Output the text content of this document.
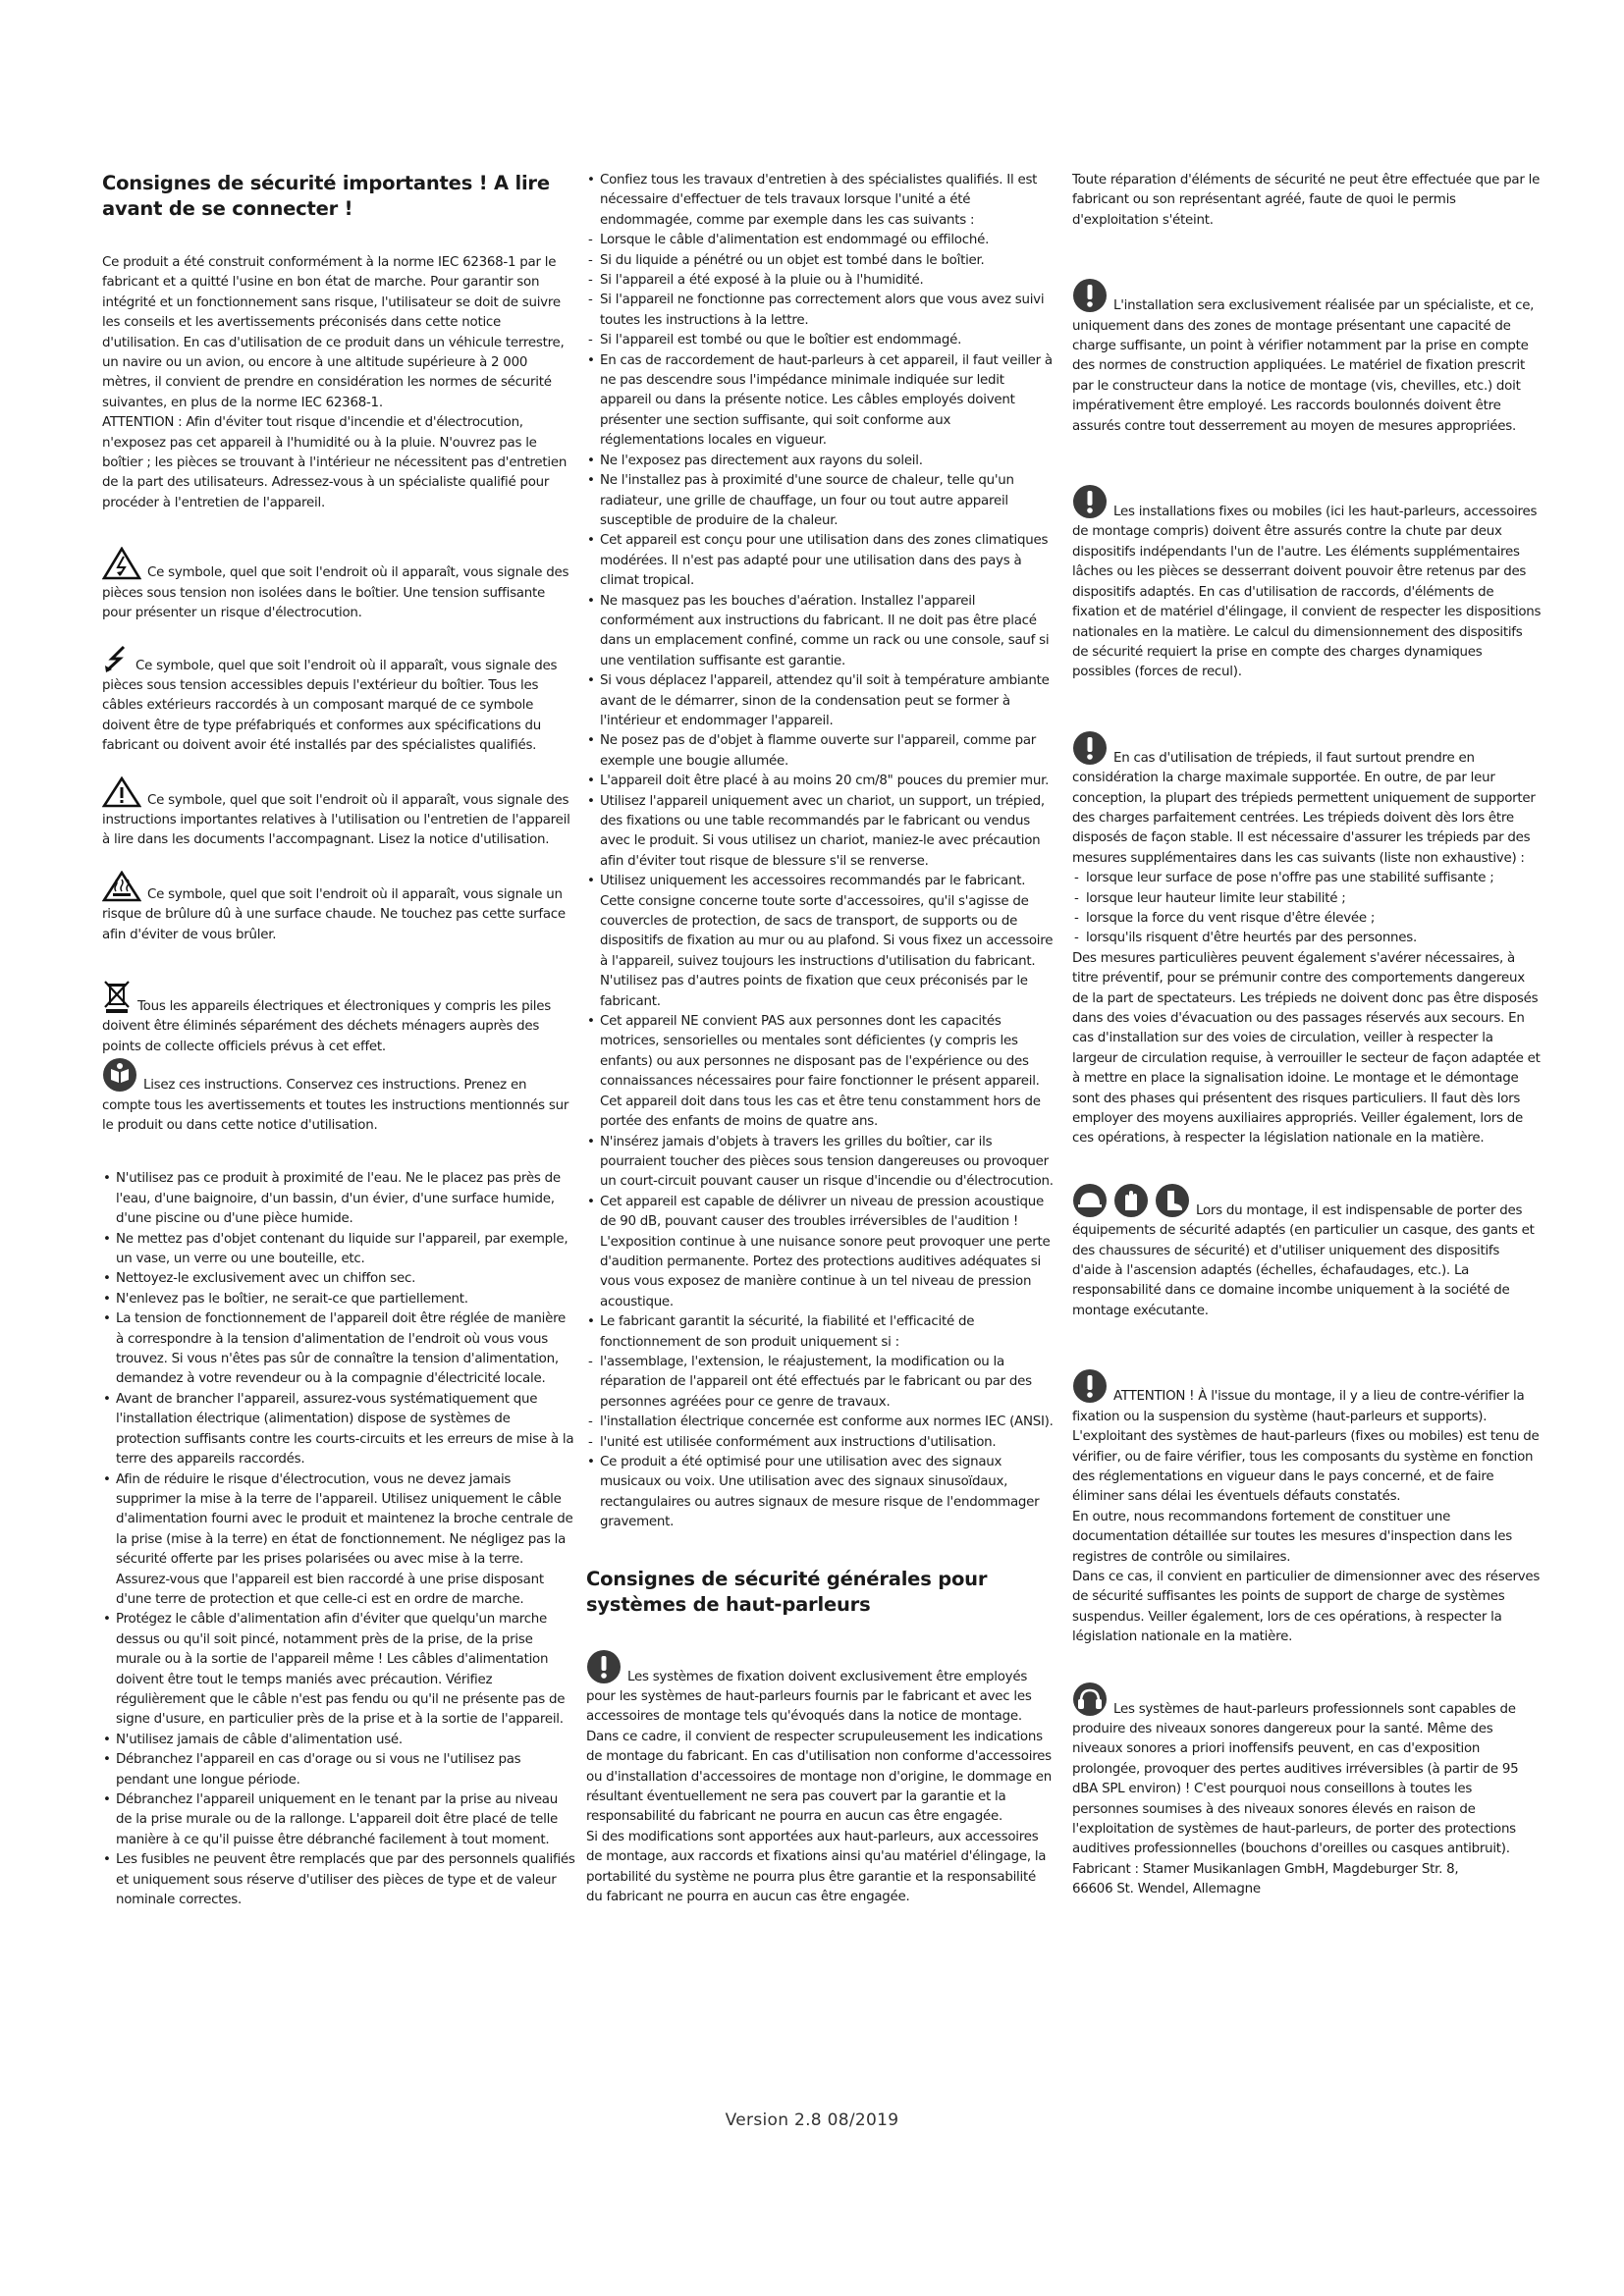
Consignes de sécurité importantes ! A lire avant de se connecter !

Ce produit a été construit conformément à la norme IEC 62368-1 par le fabricant et a quitté l'usine en bon état de marche. Pour garantir son intégrité et un fonctionnement sans risque, l'utilisateur se doit de suivre les conseils et les avertissements préconisés dans cette notice d'utilisation. En cas d'utilisation de ce produit dans un véhicule terrestre, un navire ou un avion, ou encore à une altitude supérieure à 2 000 mètres, il convient de prendre en considération les normes de sécurité suivantes, en plus de la norme IEC 62368-1.

ATTENTION : Afin d'éviter tout risque d'incendie et d'électrocution, n'exposez pas cet appareil à l'humidité ou à la pluie. N'ouvrez pas le boîtier ; les pièces se trouvant à l'intérieur ne nécessitent pas d'entretien de la part des utilisateurs. Adressez-vous à un spécialiste qualifié pour procéder à l'entretien de l'appareil.

Ce symbole, quel que soit l'endroit où il apparaît, vous signale des pièces sous tension non isolées dans le boîtier. Une tension suffisante pour présenter un risque d'électrocution.

Ce symbole, quel que soit l'endroit où il apparaît, vous signale des pièces sous tension accessibles depuis l'extérieur du boîtier. Tous les câbles extérieurs raccordés à un composant marqué de ce symbole doivent être de type préfabriqués et conformes aux spécifications du fabricant ou doivent avoir été installés par des spécialistes qualifiés.

Ce symbole, quel que soit l'endroit où il apparaît, vous signale des instructions importantes relatives à l'utilisation ou l'entretien de l'appareil à lire dans les documents l'accompagnant. Lisez la notice d'utilisation.

Ce symbole, quel que soit l'endroit où il apparaît, vous signale un risque de brûlure dû à une surface chaude. Ne touchez pas cette surface afin d'éviter de vous brûler.

Tous les appareils électriques et électroniques y compris les piles doivent être éliminés séparément des déchets ménagers auprès des points de collecte officiels prévus à cet effet.

Lisez ces instructions. Conservez ces instructions. Prenez en compte tous les avertissements et toutes les instructions mentionnés sur le produit ou dans cette notice d'utilisation.

• N'utilisez pas ce produit à proximité de l'eau. Ne le placez pas près de l'eau, d'une baignoire, d'un bassin, d'un évier, d'une surface humide, d'une piscine ou d'une pièce humide.
• Ne mettez pas d'objet contenant du liquide sur l'appareil, par exemple, un vase, un verre ou une bouteille, etc.
• Nettoyez-le exclusivement avec un chiffon sec.
• N'enlevez pas le boîtier, ne serait-ce que partiellement.
• La tension de fonctionnement de l'appareil doit être réglée de manière à correspondre à la tension d'alimentation de l'endroit où vous vous trouvez. Si vous n'êtes pas sûr de connaître la tension d'alimentation, demandez à votre revendeur ou à la compagnie d'électricité locale.
• Avant de brancher l'appareil, assurez-vous systématiquement que l'installation électrique (alimentation) dispose de systèmes de protection suffisants contre les courts-circuits et les erreurs de mise à la terre des appareils raccordés.
• Afin de réduire le risque d'électrocution, vous ne devez jamais supprimer la mise à la terre de l'appareil. Utilisez uniquement le câble d'alimentation fourni avec le produit et maintenez la broche centrale de la prise (mise à la terre) en état de fonctionnement. Ne négligez pas la sécurité offerte par les prises polarisées ou avec mise à la terre. Assurez-vous que l'appareil est bien raccordé à une prise disposant d'une terre de protection et que celle-ci est en ordre de marche.
• Protégez le câble d'alimentation afin d'éviter que quelqu'un marche dessus ou qu'il soit pincé, notamment près de la prise, de la prise murale ou à la sortie de l'appareil même ! Les câbles d'alimentation doivent être tout le temps maniés avec précaution. Vérifiez régulièrement que le câble n'est pas fendu ou qu'il ne présente pas de signe d'usure, en particulier près de la prise et à la sortie de l'appareil.
• N'utilisez jamais de câble d'alimentation usé.
• Débranchez l'appareil en cas d'orage ou si vous ne l'utilisez pas pendant une longue période.
• Débranchez l'appareil uniquement en le tenant par la prise au niveau de la prise murale ou de la rallonge. L'appareil doit être placé de telle manière à ce qu'il puisse être débranché facilement à tout moment.
• Les fusibles ne peuvent être remplacés que par des personnels qualifiés et uniquement sous réserve d'utiliser des pièces de type et de valeur nominale correctes.
• Confiez tous les travaux d'entretien à des spécialistes qualifiés. Il est nécessaire d'effectuer de tels travaux lorsque l'unité a été endommagée, comme par exemple dans les cas suivants :
- Lorsque le câble d'alimentation est endommagé ou effiloché.
- Si du liquide a pénétré ou un objet est tombé dans le boîtier.
- Si l'appareil a été exposé à la pluie ou à l'humidité.
- Si l'appareil ne fonctionne pas correctement alors que vous avez suivi toutes les instructions à la lettre.
- Si l'appareil est tombé ou que le boîtier est endommagé.
• En cas de raccordement de haut-parleurs à cet appareil, il faut veiller à ne pas descendre sous l'impédance minimale indiquée sur ledit appareil ou dans la présente notice. Les câbles employés doivent présenter une section suffisante, qui soit conforme aux réglementations locales en vigueur.
• Ne l'exposez pas directement aux rayons du soleil.
• Ne l'installez pas à proximité d'une source de chaleur, telle qu'un radiateur, une grille de chauffage, un four ou tout autre appareil susceptible de produire de la chaleur.
• Cet appareil est conçu pour une utilisation dans des zones climatiques modérées. Il n'est pas adapté pour une utilisation dans des pays à climat tropical.
• Ne masquez pas les bouches d'aération. Installez l'appareil conformément aux instructions du fabricant. Il ne doit pas être placé dans un emplacement confiné, comme un rack ou une console, sauf si une ventilation suffisante est garantie.
• Si vous déplacez l'appareil, attendez qu'il soit à température ambiante avant de le démarrer, sinon de la condensation peut se former à l'intérieur et endommager l'appareil.
• Ne posez pas de d'objet à flamme ouverte sur l'appareil, comme par exemple une bougie allumée.
• L'appareil doit être placé à au moins 20 cm/8" pouces du premier mur.
• Utilisez l'appareil uniquement avec un chariot, un support, un trépied, des fixations ou une table recommandés par le fabricant ou vendus avec le produit. Si vous utilisez un chariot, maniez-le avec précaution afin d'éviter tout risque de blessure s'il se renverse.
• Utilisez uniquement les accessoires recommandés par le fabricant. Cette consigne concerne toute sorte d'accessoires, qu'il s'agisse de couvercles de protection, de sacs de transport, de supports ou de dispositifs de fixation au mur ou au plafond. Si vous fixez un accessoire à l'appareil, suivez toujours les instructions d'utilisation du fabricant. N'utilisez pas d'autres points de fixation que ceux préconisés par le fabricant.
• Cet appareil NE convient PAS aux personnes dont les capacités motrices, sensorielles ou mentales sont déficientes (y compris les enfants) ou aux personnes ne disposant pas de l'expérience ou des connaissances nécessaires pour faire fonctionner le présent appareil. Cet appareil doit dans tous les cas et être tenu constamment hors de portée des enfants de moins de quatre ans.
• N'insérez jamais d'objets à travers les grilles du boîtier, car ils pourraient toucher des pièces sous tension dangereuses ou provoquer un court-circuit pouvant causer un risque d'incendie ou d'électrocution.
• Cet appareil est capable de délivrer un niveau de pression acoustique de 90 dB, pouvant causer des troubles irréversibles de l'audition ! L'exposition continue à une nuisance sonore peut provoquer une perte d'audition permanente. Portez des protections auditives adéquates si vous vous exposez de manière continue à un tel niveau de pression acoustique.
• Le fabricant garantit la sécurité, la fiabilité et l'efficacité de fonctionnement de son produit uniquement si :
- l'assemblage, l'extension, le réajustement, la modification ou la réparation de l'appareil ont été effectués par le fabricant ou par des personnes agréées pour ce genre de travaux.
- l'installation électrique concernée est conforme aux normes IEC (ANSI).
- l'unité est utilisée conformément aux instructions d'utilisation.
• Ce produit a été optimisé pour une utilisation avec des signaux musicaux ou voix. Une utilisation avec des signaux sinusoïdaux, rectangulaires ou autres signaux de mesure risque de l'endommager gravement.
Consignes de sécurité générales pour systèmes de haut-parleurs

Les systèmes de fixation doivent exclusivement être employés pour les systèmes de haut-parleurs fournis par le fabricant et avec les accessoires de montage tels qu'évoqués dans la notice de montage. Dans ce cadre, il convient de respecter scrupuleusement les indications de montage du fabricant. En cas d'utilisation non conforme d'accessoires ou d'installation d'accessoires de montage non d'origine, le dommage en résultant éventuellement ne sera pas couvert par la garantie et la responsabilité du fabricant ne pourra en aucun cas être engagée.

Si des modifications sont apportées aux haut-parleurs, aux accessoires de montage, aux raccords et fixations ainsi qu'au matériel d'élingage, la portabilité du système ne pourra plus être garantie et la responsabilité du fabricant ne pourra en aucun cas être engagée.

Toute réparation d'éléments de sécurité ne peut être effectuée que par le fabricant ou son représentant agréé, faute de quoi le permis d'exploitation s'éteint.

L'installation sera exclusivement réalisée par un spécialiste, et ce, uniquement dans des zones de montage présentant une capacité de charge suffisante, un point à vérifier notamment par la prise en compte des normes de construction appliquées. Le matériel de fixation prescrit par le constructeur dans la notice de montage (vis, chevilles, etc.) doit impérativement être employé. Les raccords boulonnés doivent être assurés contre tout desserrement au moyen de mesures appropriées.

Les installations fixes ou mobiles (ici les haut-parleurs, accessoires de montage compris) doivent être assurés contre la chute par deux dispositifs indépendants l'un de l'autre. Les éléments supplémentaires lâches ou les pièces se desserrant doivent pouvoir être retenus par des dispositifs adaptés. En cas d'utilisation de raccords, d'éléments de fixation et de matériel d'élingage, il convient de respecter les dispositions nationales en la matière. Le calcul du dimensionnement des dispositifs de sécurité requiert la prise en compte des charges dynamiques possibles (forces de recul).

En cas d'utilisation de trépieds, il faut surtout prendre en considération la charge maximale supportée. En outre, de par leur conception, la plupart des trépieds permettent uniquement de supporter des charges parfaitement centrées. Les trépieds doivent dès lors être disposés de façon stable. Il est nécessaire d'assurer les trépieds par des mesures supplémentaires dans les cas suivants (liste non exhaustive) :

- lorsque leur surface de pose n'offre pas une stabilité suffisante ;
- lorsque leur hauteur limite leur stabilité ;
- lorsque la force du vent risque d'être élevée ;
- lorsqu'ils risquent d'être heurtés par des personnes.

Des mesures particulières peuvent également s'avérer nécessaires, à titre préventif, pour se prémunir contre des comportements dangereux de la part de spectateurs. Les trépieds ne doivent donc pas être disposés dans des voies d'évacuation ou des passages réservés aux secours. En cas d'installation sur des voies de circulation, veiller à respecter la largeur de circulation requise, à verrouiller le secteur de façon adaptée et à mettre en place la signalisation idoine. Le montage et le démontage sont des phases qui présentent des risques particuliers. Il faut dès lors employer des moyens auxiliaires appropriés. Veiller également, lors de ces opérations, à respecter la législation nationale en la matière.

Lors du montage, il est indispensable de porter des équipements de sécurité adaptés (en particulier un casque, des gants et des chaussures de sécurité) et d'utiliser uniquement des dispositifs d'aide à l'ascension adaptés (échelles, échafaudages, etc.). La responsabilité dans ce domaine incombe uniquement à la société de montage exécutante.

ATTENTION ! À l'issue du montage, il y a lieu de contre-vérifier la fixation ou la suspension du système (haut-parleurs et supports).

L'exploitant des systèmes de haut-parleurs (fixes ou mobiles) est tenu de vérifier, ou de faire vérifier, tous les composants du système en fonction des réglementations en vigueur dans le pays concerné, et de faire éliminer sans délai les éventuels défauts constatés.

En outre, nous recommandons fortement de constituer une documentation détaillée sur toutes les mesures d'inspection dans les registres de contrôle ou similaires.

Dans ce cas, il convient en particulier de dimensionner avec des réserves de sécurité suffisantes les points de support de charge de systèmes suspendus. Veiller également, lors de ces opérations, à respecter la législation nationale en la matière.

Les systèmes de haut-parleurs professionnels sont capables de produire des niveaux sonores dangereux pour la santé. Même des niveaux sonores a priori inoffensifs peuvent, en cas d'exposition prolongée, provoquer des pertes auditives irréversibles (à partir de 95 dBA SPL environ) ! C'est pourquoi nous conseillons à toutes les personnes soumises à des niveaux sonores élevés en raison de l'exploitation de systèmes de haut-parleurs, de porter des protections auditives professionnelles (bouchons d'oreilles ou casques antibruit).

Fabricant : Stamer Musikanlagen GmbH, Magdeburger Str. 8,

66606 St. Wendel, Allemagne

Version 2.8 08/2019
